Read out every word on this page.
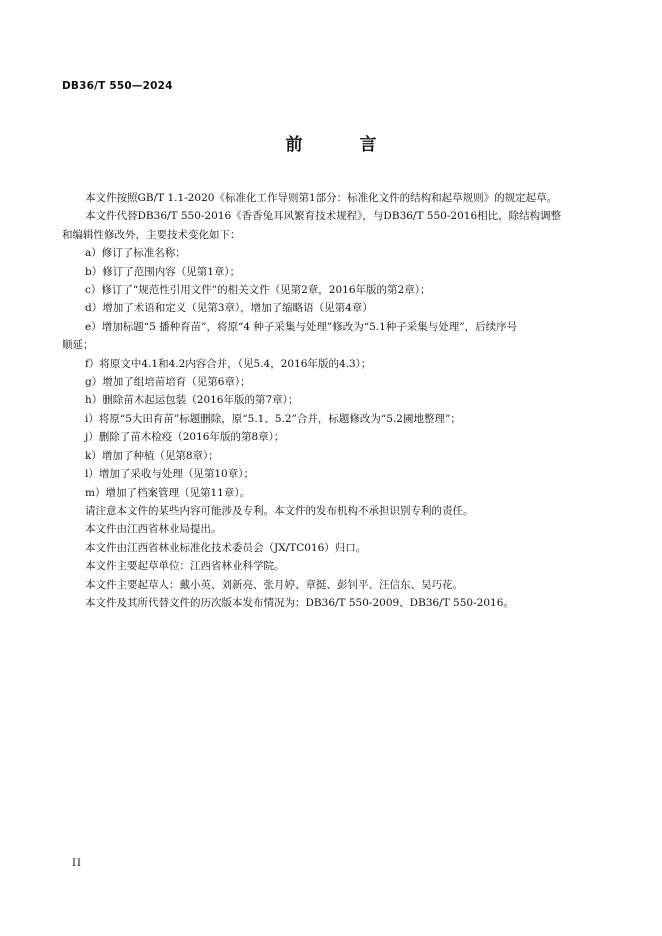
DB36/T 550—2024
前　言

本文件按照GB/T 1.1-2020《标准化工作导则第1部分：标准化文件的结构和起草规则》的规定起草。

本文件代替DB36/T 550-2016《香香兔耳风繁育技术规程》，与DB36/T 550-2016相比，除结构调整

和编辑性修改外，主要技术变化如下：

a）修订了标准名称；

b）修订了范围内容（见第1章）；

c）修订了“规范性引用文件”的相关文件（见第2章，2016年版的第2章）；

d）增加了术语和定义（见第3章），增加了缩略语（见第4章）

e）增加标题“5 播种育苗”，将原“4 种子采集与处理”修改为“5.1种子采集与处理”，后续序号
顺延；

f）将原文中4.1和4.2内容合并，（见5.4，2016年版的4.3）；

g）增加了组培苗培育（见第6章）；

h）删除苗木起运包装（2016年版的第7章）；

i）将原“5大田育苗”标题删除，原“5.1、5.2”合并，标题修改为“5.2圃地整理”；

j）删除了苗木检疫（2016年版的第8章）；

k）增加了种植（见第8章）；

l）增加了采收与处理（见第10章）；

m）增加了档案管理（见第11章）。

请注意本文件的某些内容可能涉及专利。本文件的发布机构不承担识别专利的责任。

本文件由江西省林业局提出。

本文件由江西省林业标准化技术委员会（JX/TC016）归口。

本文件主要起草单位：江西省林业科学院。

本文件主要起草人：戴小英、刘新亮、张月婷、章挺、彭钊平、汪信东、吴巧花。

本文件及其所代替文件的历次版本发布情况为：DB36/T 550-2009、DB36/T 550-2016。

II
